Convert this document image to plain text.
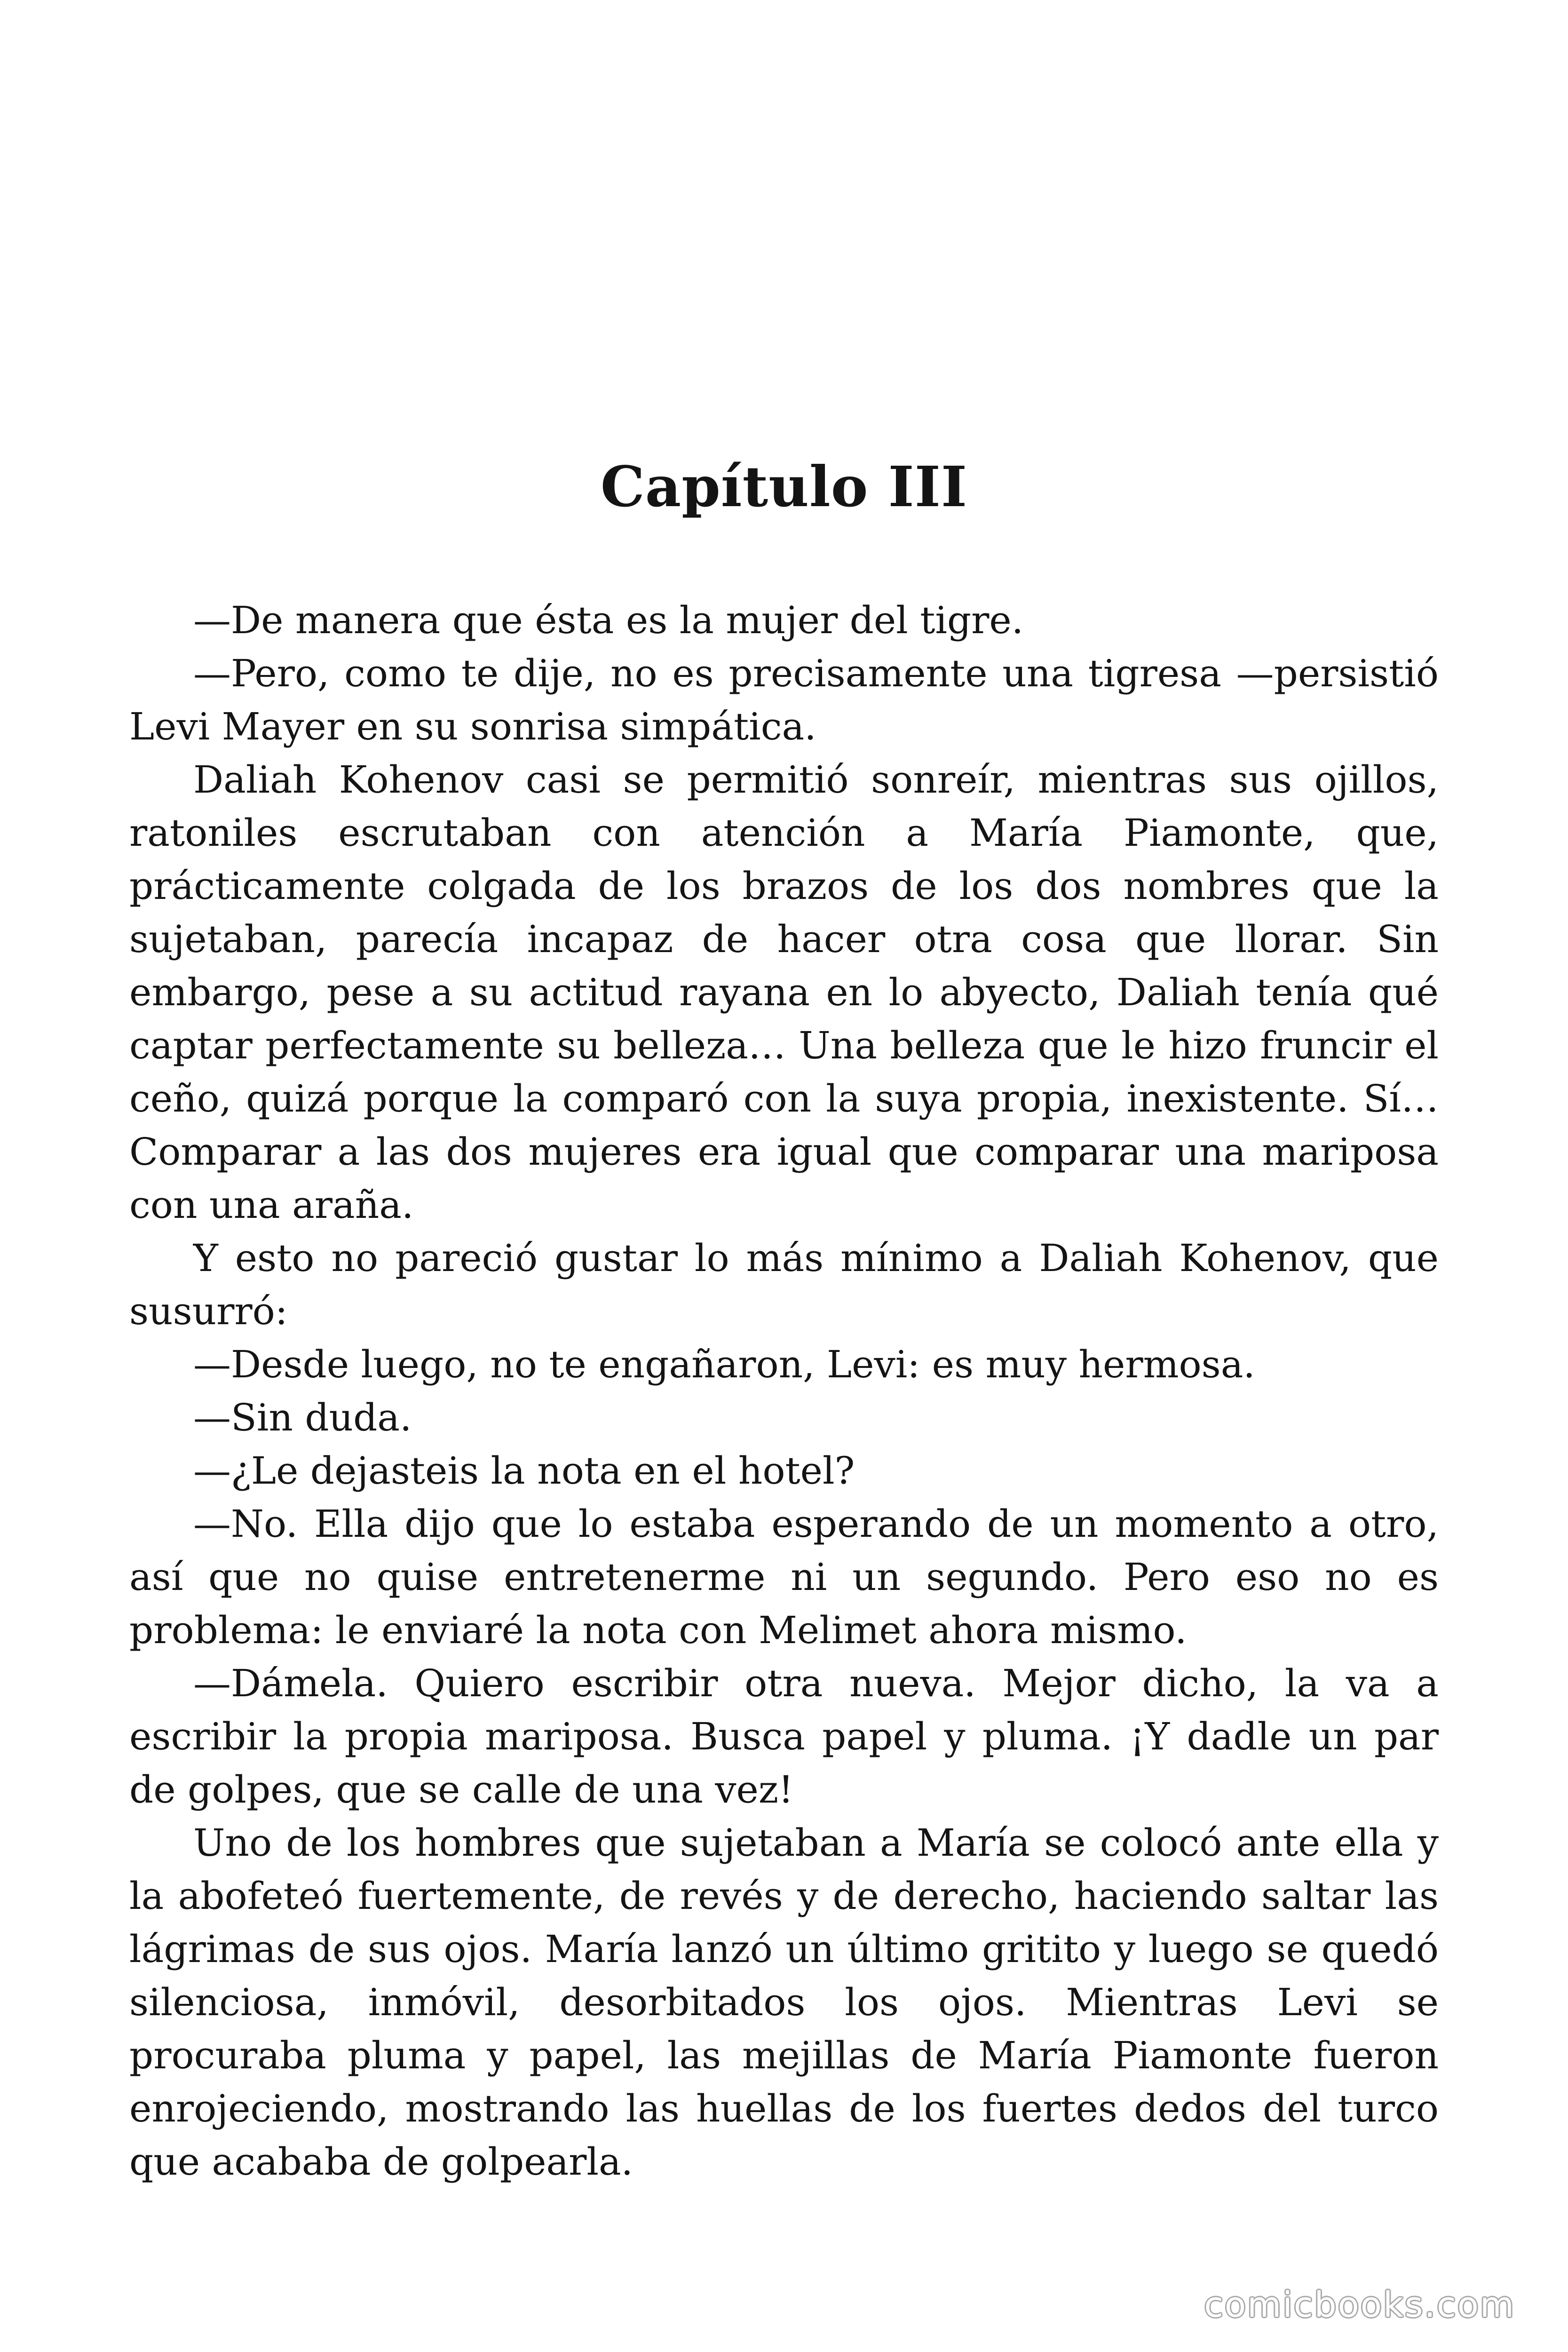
Capítulo III

—De manera que ésta es la mujer del tigre.

—Pero, como te dije, no es precisamente una tigresa —persistió Levi Mayer en su sonrisa simpática.

Daliah Kohenov casi se permitió sonreír, mientras sus ojillos, ratoniles escrutaban con atención a María Piamonte, que, prácticamente colgada de los brazos de los dos nombres que la sujetaban, parecía incapaz de hacer otra cosa que llorar. Sin embargo, pese a su actitud rayana en lo abyecto, Daliah tenía qué captar perfectamente su belleza… Una belleza que le hizo fruncir el ceño, quizá porque la comparó con la suya propia, inexistente. Sí… Comparar a las dos mujeres era igual que comparar una mariposa con una araña.

Y esto no pareció gustar lo más mínimo a Daliah Kohenov, que susurró:

—Desde luego, no te engañaron, Levi: es muy hermosa.

—Sin duda.

—¿Le dejasteis la nota en el hotel?

—No. Ella dijo que lo estaba esperando de un momento a otro, así que no quise entretenerme ni un segundo. Pero eso no es problema: le enviaré la nota con Melimet ahora mismo.

—Dámela. Quiero escribir otra nueva. Mejor dicho, la va a escribir la propia mariposa. Busca papel y pluma. ¡Y dadle un par de golpes, que se calle de una vez!

Uno de los hombres que sujetaban a María se colocó ante ella y la abofeteó fuertemente, de revés y de derecho, haciendo saltar las lágrimas de sus ojos. María lanzó un último gritito y luego se quedó silenciosa, inmóvil, desorbitados los ojos. Mientras Levi se procuraba pluma y papel, las mejillas de María Piamonte fueron enrojeciendo, mostrando las huellas de los fuertes dedos del turco que acababa de golpearla.

comicbooks.com
